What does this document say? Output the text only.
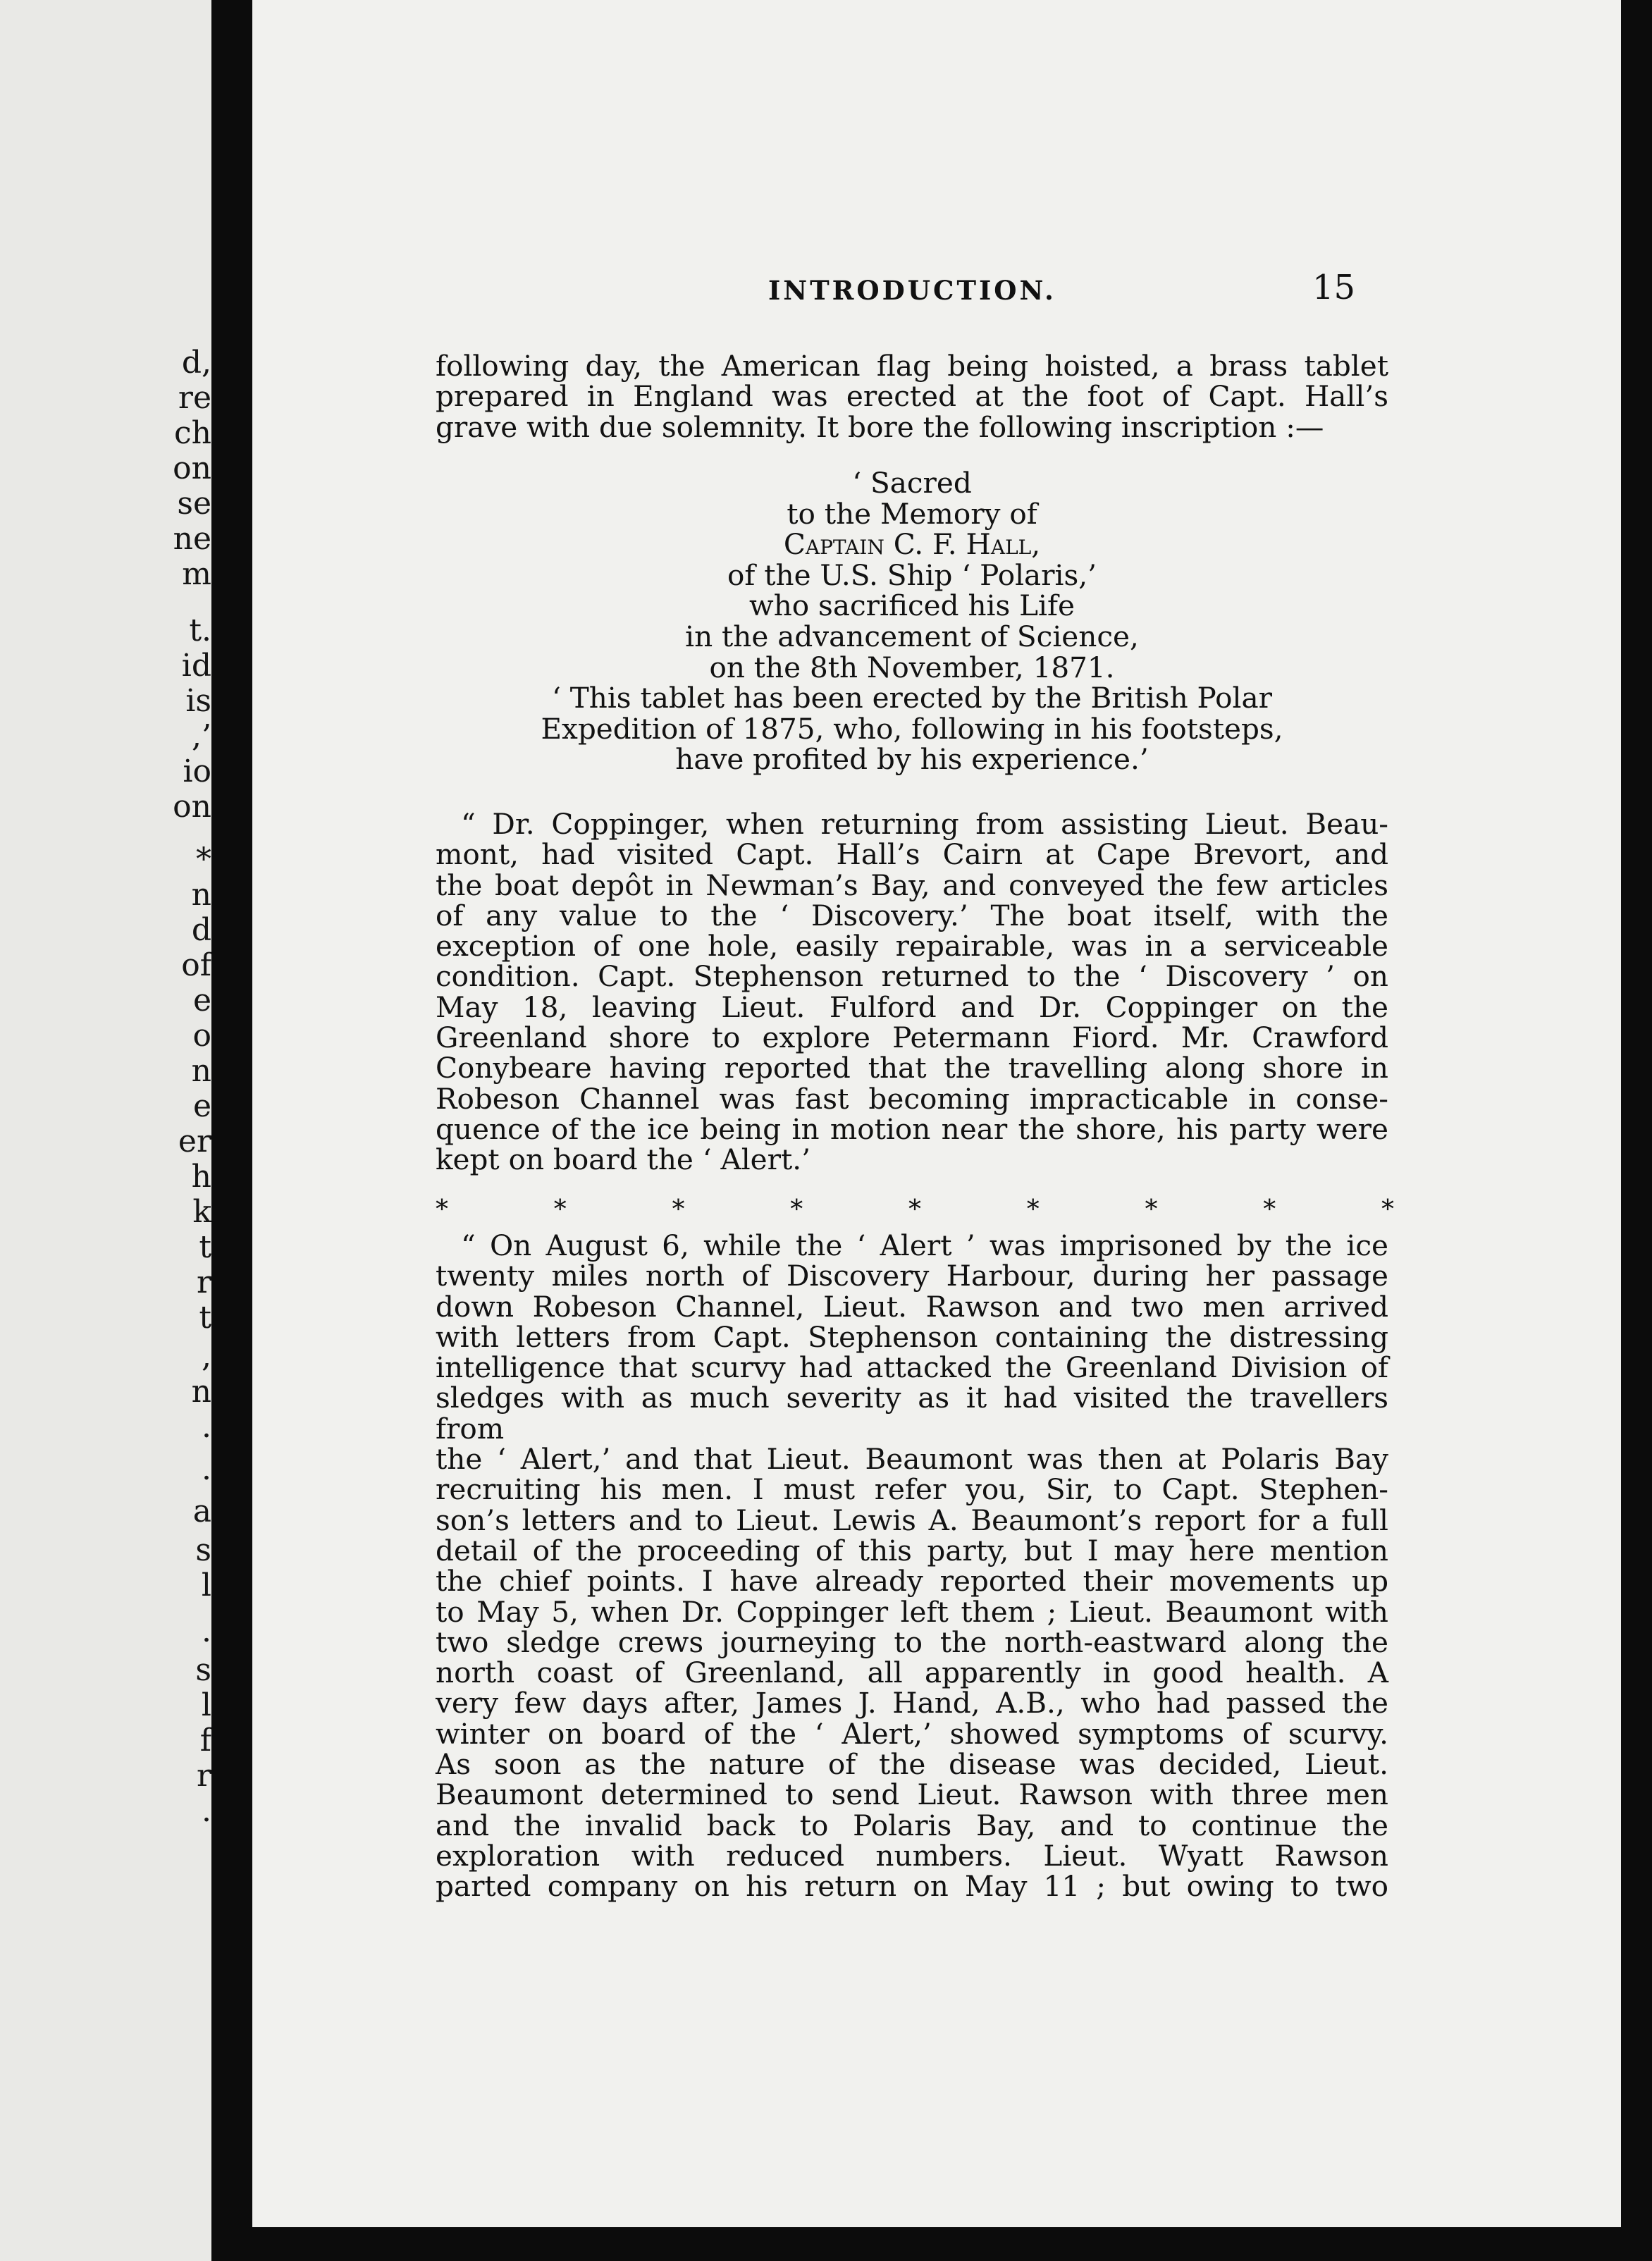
d,
re
ch
on
se
ne
m
t.
id
is
,’
io
on
*
n
d
of
e
o
n
e
er
h
k
t
r
t
,
n
.
.
a
s
l
.
s
l
f
r
.
INTRODUCTION.	15
following day, the American flag being hoisted, a brass tablet
prepared in England was erected at the foot of Capt. Hall’s
grave with due solemnity. It bore the following inscription :—
‘ Sacred
to the Memory of
Captain C. F. Hall,
of the U.S. Ship ‘ Polaris,’
who sacrificed his Life
in the advancement of Science,
on the 8th November, 1871.
‘ This tablet has been erected by the British Polar
Expedition of 1875, who, following in his footsteps,
have profited by his experience.’
“ Dr. Coppinger, when returning from assisting Lieut. Beau-
mont, had visited Capt. Hall’s Cairn at Cape Brevort, and
the boat depôt in Newman’s Bay, and conveyed the few articles
of any value to the ‘ Discovery.’ The boat itself, with the
exception of one hole, easily repairable, was in a serviceable
condition. Capt. Stephenson returned to the ‘ Discovery ’ on
May 18, leaving Lieut. Fulford and Dr. Coppinger on the
Greenland shore to explore Petermann Fiord. Mr. Crawford
Conybeare having reported that the travelling along shore in
Robeson Channel was fast becoming impracticable in conse-
quence of the ice being in motion near the shore, his party were
kept on board the ‘ Alert.’
*	*	*	*	*	*	*	*	*
“ On August 6, while the ‘ Alert ’ was imprisoned by the ice
twenty miles north of Discovery Harbour, during her passage
down Robeson Channel, Lieut. Rawson and two men arrived
with letters from Capt. Stephenson containing the distressing
intelligence that scurvy had attacked the Greenland Division of
sledges with as much severity as it had visited the travellers from
the ‘ Alert,’ and that Lieut. Beaumont was then at Polaris Bay
recruiting his men. I must refer you, Sir, to Capt. Stephen-
son’s letters and to Lieut. Lewis A. Beaumont’s report for a full
detail of the proceeding of this party, but I may here mention
the chief points. I have already reported their movements up
to May 5, when Dr. Coppinger left them ; Lieut. Beaumont with
two sledge crews journeying to the north-eastward along the
north coast of Greenland, all apparently in good health. A
very few days after, James J. Hand, A.B., who had passed the
winter on board of the ‘ Alert,’ showed symptoms of scurvy.
As soon as the nature of the disease was decided, Lieut.
Beaumont determined to send Lieut. Rawson with three men
and the invalid back to Polaris Bay, and to continue the
exploration with reduced numbers. Lieut. Wyatt Rawson
parted company on his return on May 11 ; but owing to two
